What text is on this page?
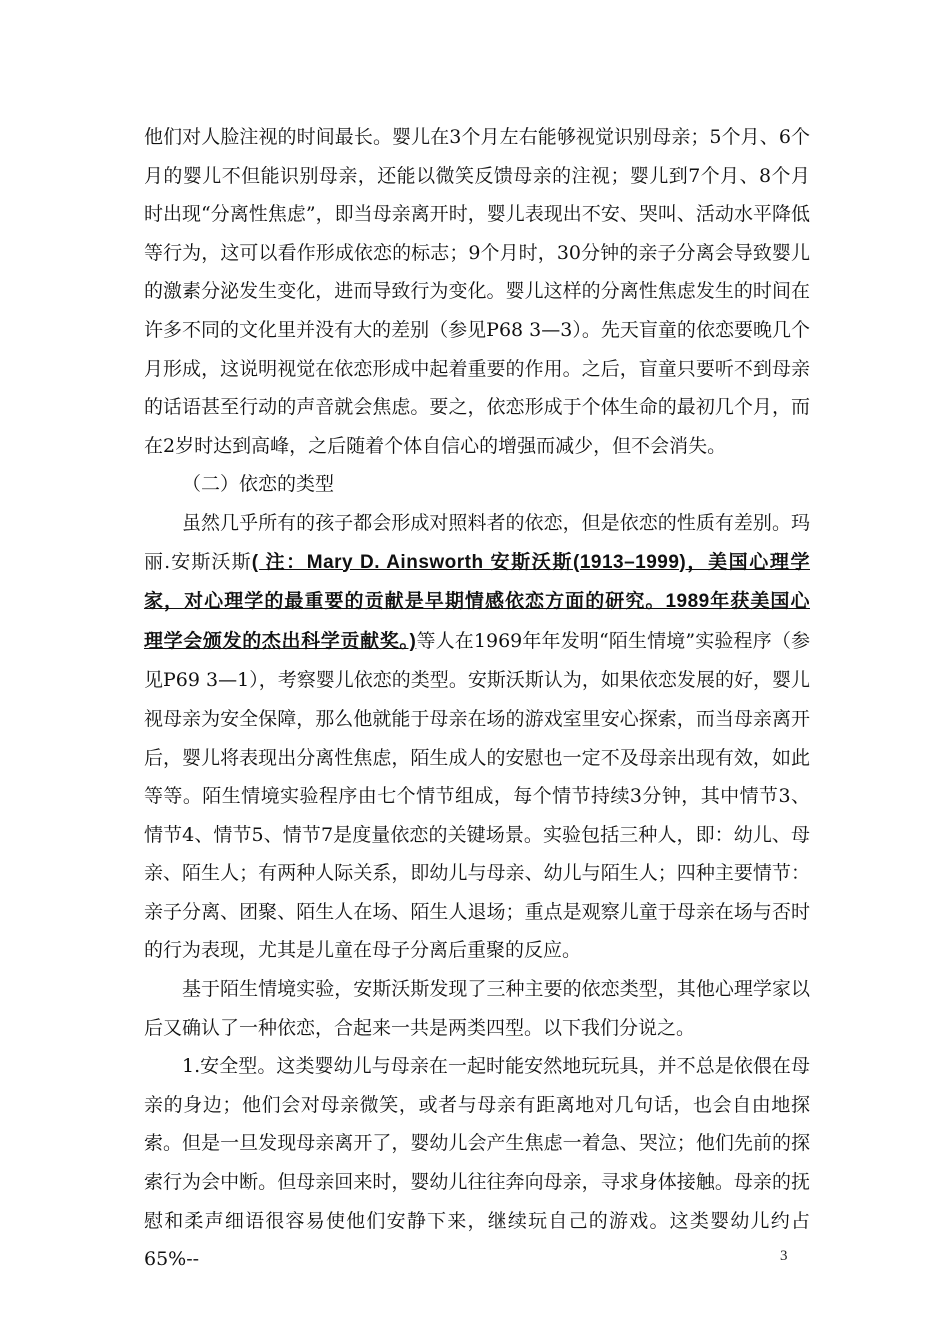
他们对人脸注视的时间最长。婴儿在3个月左右能够视觉识别母亲；5个月、6个月的婴儿不但能识别母亲，还能以微笑反馈母亲的注视；婴儿到7个月、8个月时出现“分离性焦虑”，即当母亲离开时，婴儿表现出不安、哭叫、活动水平降低等行为，这可以看作形成依恋的标志；9个月时，30分钟的亲子分离会导致婴儿的激素分泌发生变化，进而导致行为变化。婴儿这样的分离性焦虑发生的时间在许多不同的文化里并没有大的差别（参见P68 3—3）。先天盲童的依恋要晚几个月形成，这说明视觉在依恋形成中起着重要的作用。之后，盲童只要听不到母亲的话语甚至行动的声音就会焦虑。要之，依恋形成于个体生命的最初几个月，而在2岁时达到高峰，之后随着个体自信心的增强而减少，但不会消失。

（二）依恋的类型

虽然几乎所有的孩子都会形成对照料者的依恋，但是依恋的性质有差别。玛丽.安斯沃斯( 注：Mary D. Ainsworth 安斯沃斯(1913–1999)，美国心理学家，对心理学的最重要的贡献是早期情感依恋方面的研究。1989年获美国心理学会颁发的杰出科学贡献奖。)等人在1969年年发明“陌生情境”实验程序（参见P69 3—1），考察婴儿依恋的类型。安斯沃斯认为，如果依恋发展的好，婴儿视母亲为安全保障，那么他就能于母亲在场的游戏室里安心探索，而当母亲离开后，婴儿将表现出分离性焦虑，陌生成人的安慰也一定不及母亲出现有效，如此等等。陌生情境实验程序由七个情节组成，每个情节持续3分钟，其中情节3、情节4、情节5、情节7是度量依恋的关键场景。实验包括三种人，即：幼儿、母亲、陌生人；有两种人际关系，即幼儿与母亲、幼儿与陌生人；四种主要情节：亲子分离、团聚、陌生人在场、陌生人退场；重点是观察儿童于母亲在场与否时的行为表现，尤其是儿童在母子分离后重聚的反应。

基于陌生情境实验，安斯沃斯发现了三种主要的依恋类型，其他心理学家以后又确认了一种依恋，合起来一共是两类四型。以下我们分说之。

1.安全型。这类婴幼儿与母亲在一起时能安然地玩玩具，并不总是依偎在母亲的身边；他们会对母亲微笑，或者与母亲有距离地对几句话，也会自由地探索。但是一旦发现母亲离开了，婴幼儿会产生焦虑一着急、哭泣；他们先前的探索行为会中断。但母亲回来时，婴幼儿往往奔向母亲，寻求身体接触。母亲的抚慰和柔声细语很容易使他们安静下来，继续玩自己的游戏。这类婴幼儿约占65%--	3
